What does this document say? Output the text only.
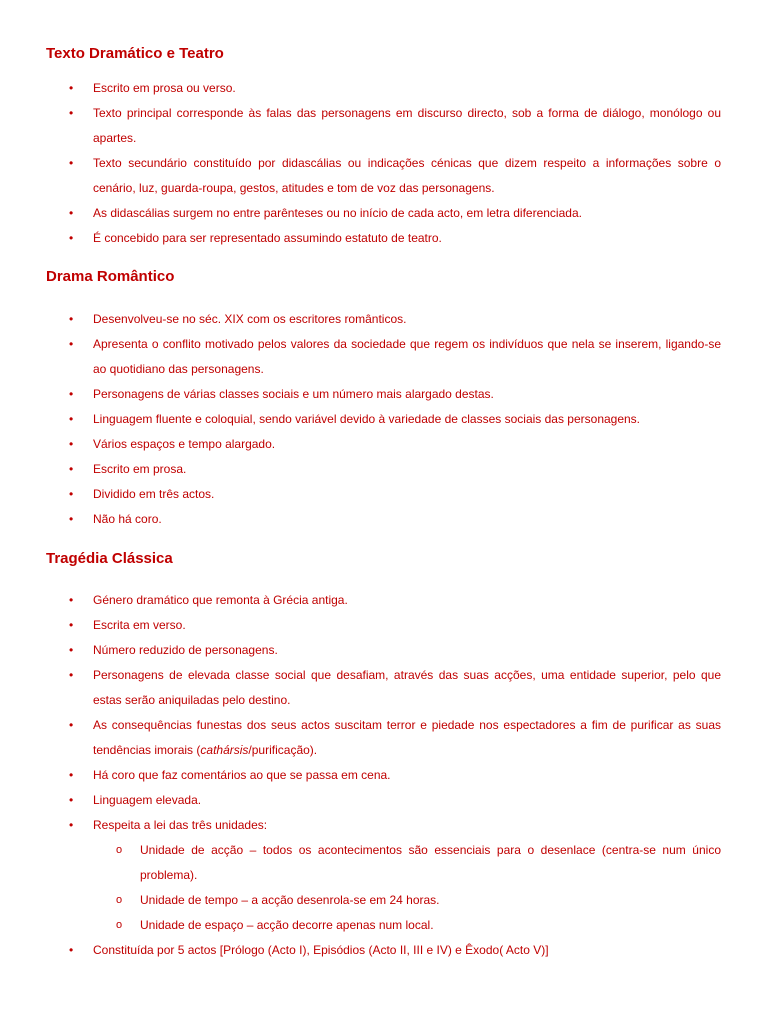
Texto Dramático e Teatro
• Escrito em prosa ou verso.
• Texto principal corresponde às falas das personagens em discurso directo, sob a forma de diálogo, monólogo ou apartes.
• Texto secundário constituído por didascálias ou indicações cénicas que dizem respeito a informações sobre o cenário, luz, guarda-roupa, gestos, atitudes e tom de voz das personagens.
• As didascálias surgem no entre parênteses ou no início de cada acto, em letra diferenciada.
• É concebido para ser representado assumindo estatuto de teatro.
Drama Romântico
• Desenvolveu-se no séc. XIX com os escritores românticos.
• Apresenta o conflito motivado pelos valores da sociedade que regem os indivíduos que nela se inserem, ligando-se ao quotidiano das personagens.
• Personagens de várias classes sociais e um número mais alargado destas.
• Linguagem fluente e coloquial, sendo variável devido à variedade de classes sociais das personagens.
• Vários espaços e tempo alargado.
• Escrito em prosa.
• Dividido em três actos.
• Não há coro.
Tragédia Clássica
• Género dramático que remonta à Grécia antiga.
• Escrita em verso.
• Número reduzido de personagens.
• Personagens de elevada classe social que desafiam, através das suas acções, uma entidade superior, pelo que estas serão aniquiladas pelo destino.
• As consequências funestas dos seus actos suscitam terror e piedade nos espectadores a fim de purificar as suas tendências imorais (cathársis/purificação).
• Há coro que faz comentários ao que se passa em cena.
• Linguagem elevada.
• Respeita a lei das três unidades:
o Unidade de acção – todos os acontecimentos são essenciais para o desenlace (centra-se num único problema).
o Unidade de tempo – a acção desenrola-se em 24 horas.
o Unidade de espaço – acção decorre apenas num local.
• Constituída por 5 actos [Prólogo (Acto I), Episódios (Acto II, III e IV) e Êxodo( Acto V)]
